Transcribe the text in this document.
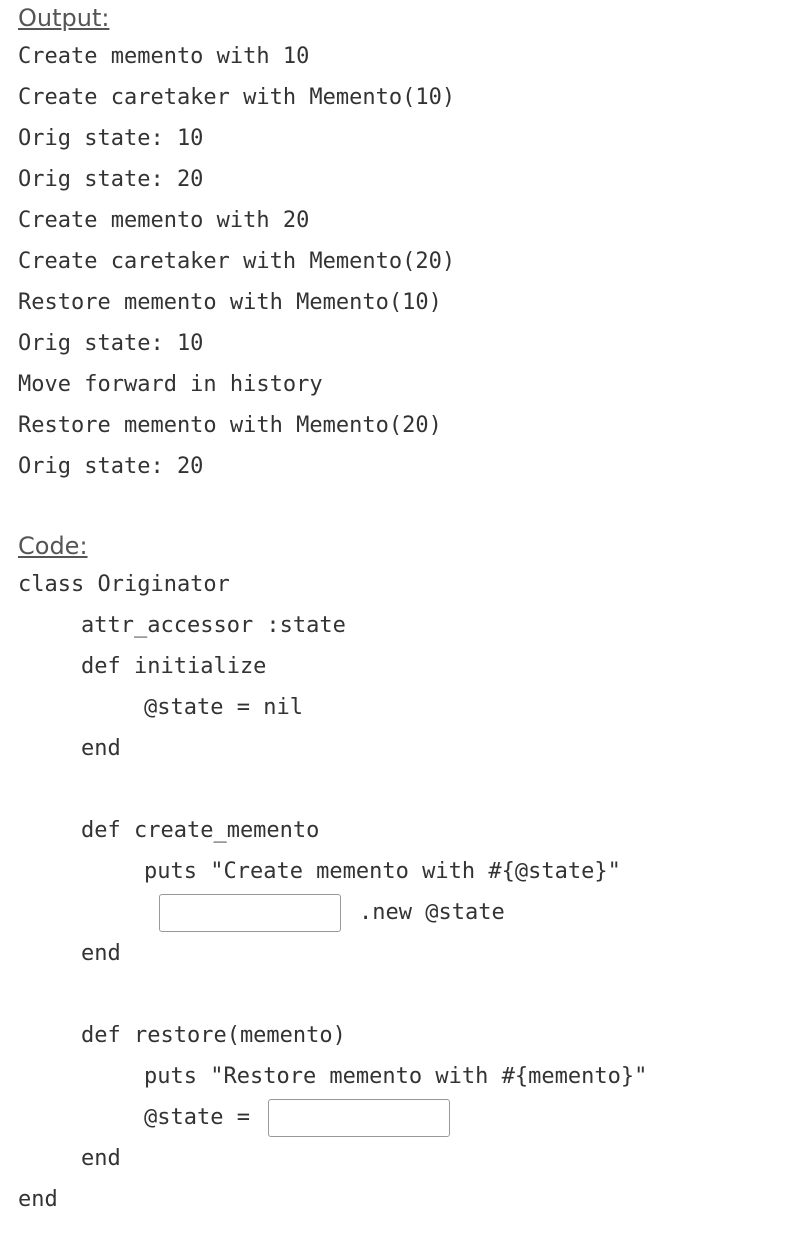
Output:
Create memento with 10
Create caretaker with Memento(10)
Orig state: 10
Orig state: 20
Create memento with 20
Create caretaker with Memento(20)
Restore memento with Memento(10)
Orig state: 10
Move forward in history
Restore memento with Memento(20)
Orig state: 20
Code:
class Originator
attr_accessor :state
def initialize
@state = nil
end
def create_memento
puts "Create memento with #{@state}"
.new @state
end
def restore(memento)
puts "Restore memento with #{memento}"
@state =
end
end
